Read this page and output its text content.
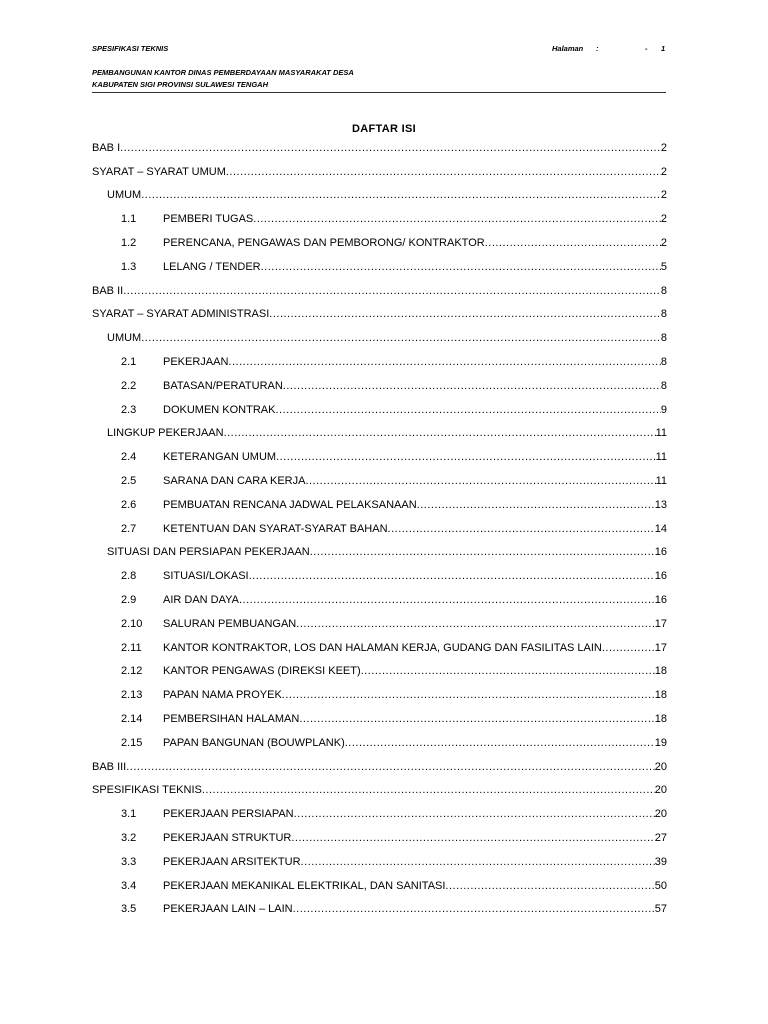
SPESIFIKASI TEKNIS	Halaman :	- 1
PEMBANGUNAN KANTOR DINAS PEMBERDAYAAN MASYARAKAT DESA
KABUPATEN SIGI PROVINSI SULAWESI TENGAH
DAFTAR ISI
BAB I .....	2
SYARAT – SYARAT UMUM .....	2
UMUM .....	2
1.1	PEMBERI TUGAS .....	2
1.2	PERENCANA, PENGAWAS DAN PEMBORONG/ KONTRAKTOR .....	2
1.3	LELANG / TENDER .....	5
BAB II .....	8
SYARAT – SYARAT ADMINISTRASI .....	8
UMUM .....	8
2.1	PEKERJAAN .....	8
2.2	BATASAN/PERATURAN .....	8
2.3	DOKUMEN KONTRAK .....	9
LINGKUP PEKERJAAN .....	11
2.4	KETERANGAN UMUM .....	11
2.5	SARANA DAN CARA KERJA .....	11
2.6	PEMBUATAN RENCANA JADWAL PELAKSANAAN .....	13
2.7	KETENTUAN DAN SYARAT-SYARAT BAHAN .....	14
SITUASI DAN PERSIAPAN PEKERJAAN .....	16
2.8	SITUASI/LOKASI .....	16
2.9	AIR DAN DAYA .....	16
2.10	SALURAN PEMBUANGAN .....	17
2.11	KANTOR KONTRAKTOR, LOS DAN HALAMAN KERJA, GUDANG DAN FASILITAS LAIN .....	17
2.12	KANTOR PENGAWAS (DIREKSI KEET) .....	18
2.13	PAPAN NAMA PROYEK .....	18
2.14	PEMBERSIHAN HALAMAN .....	18
2.15	PAPAN BANGUNAN (BOUWPLANK) .....	19
BAB III .....	20
SPESIFIKASI TEKNIS .....	20
3.1	PEKERJAAN PERSIAPAN .....	20
3.2	PEKERJAAN STRUKTUR .....	27
3.3	PEKERJAAN ARSITEKTUR .....	39
3.4	PEKERJAAN MEKANIKAL ELEKTRIKAL, DAN SANITASI .....	50
3.5	PEKERJAAN LAIN – LAIN .....	57
